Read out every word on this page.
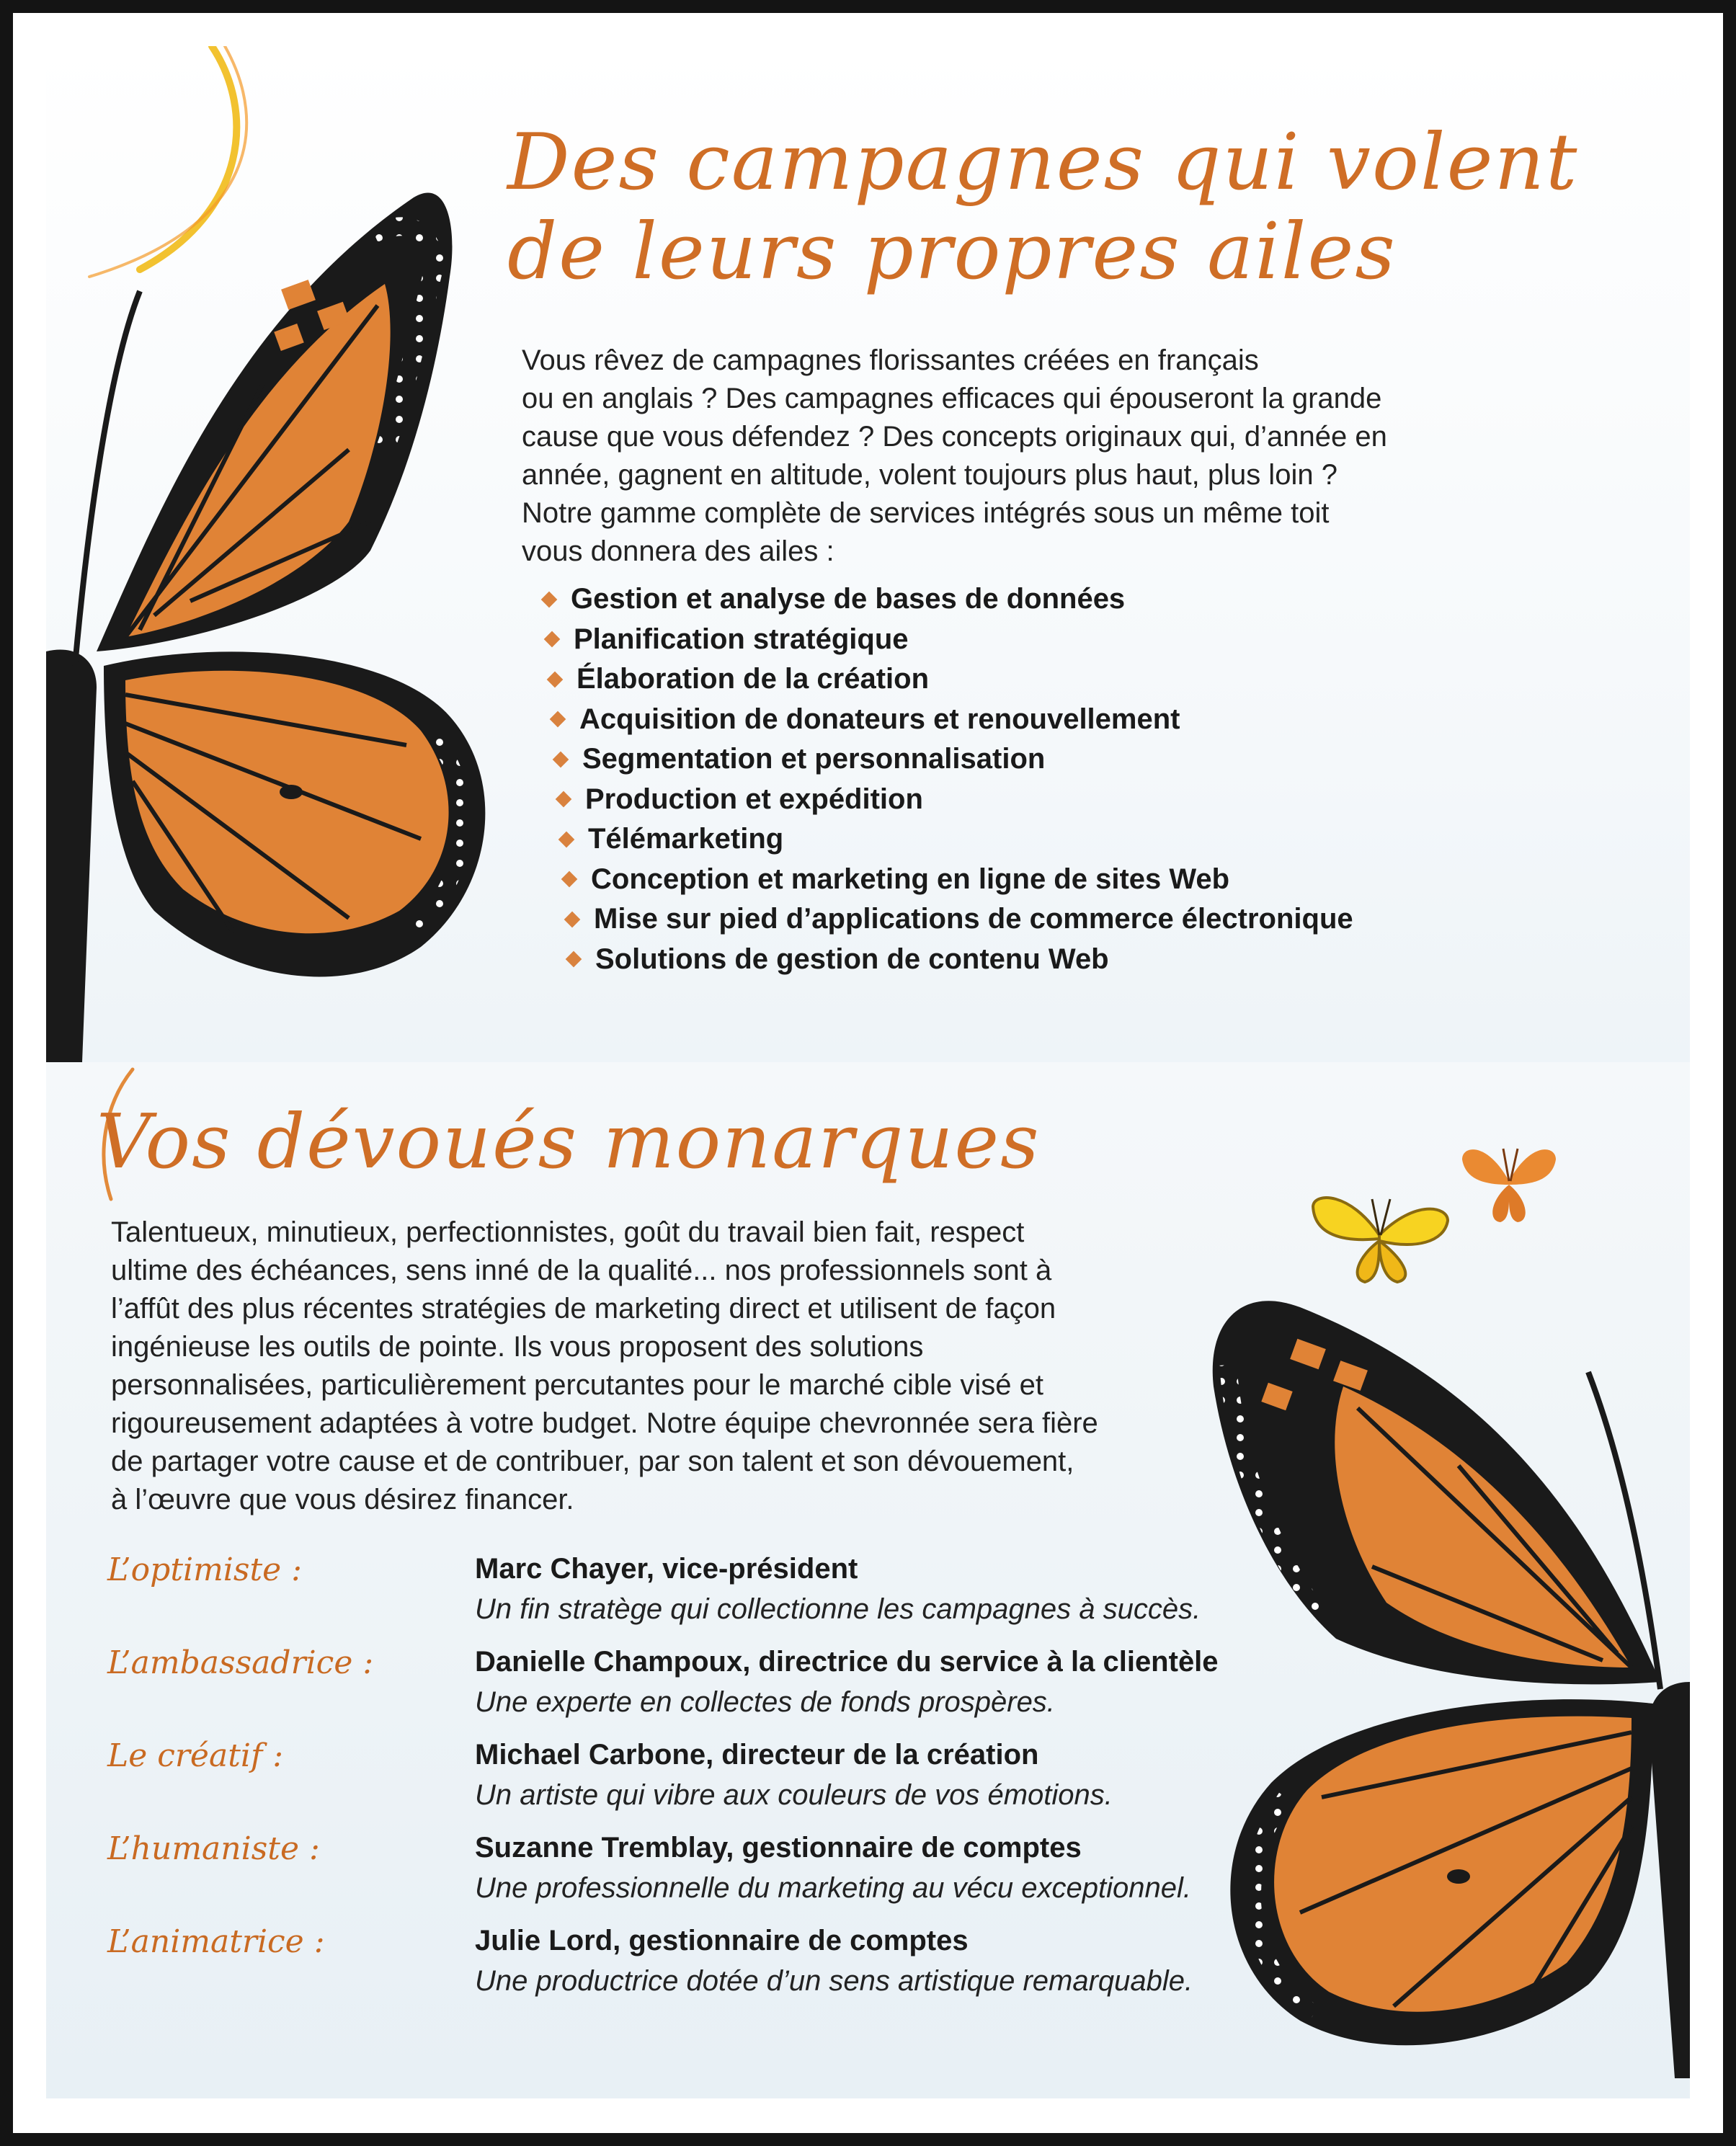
Des campagnes qui volent
de leurs propres ailes

Vous rêvez de campagnes florissantes créées en français

ou en anglais ? Des campagnes efficaces qui épouseront la grande

cause que vous défendez ? Des concepts originaux qui, d’année en

année, gagnent en altitude, volent toujours plus haut, plus loin ?

Notre gamme complète de services intégrés sous un même toit

vous donnera des ailes :

Gestion et analyse de bases de données
Planification stratégique
Élaboration de la création
Acquisition de donateurs et renouvellement
Segmentation et personnalisation
Production et expédition
Télémarketing
Conception et marketing en ligne de sites Web
Mise sur pied d’applications de commerce électronique
Solutions de gestion de contenu Web
Vos dévoués monarques

Talentueux, minutieux, perfectionnistes, goût du travail bien fait, respect

ultime des échéances, sens inné de la qualité... nos professionnels sont à

l’affût des plus récentes stratégies de marketing direct et utilisent de façon

ingénieuse les outils de pointe. Ils vous proposent des solutions

personnalisées, particulièrement percutantes pour le marché cible visé et

rigoureusement adaptées à votre budget. Notre équipe chevronnée sera fière

de partager votre cause et de contribuer, par son talent et son dévouement,

à l’œuvre que vous désirez financer.

L’optimiste :	Marc Chayer, vice-président
Un fin stratège qui collectionne les campagnes à succès.
L’ambassadrice :	Danielle Champoux, directrice du service à la clientèle
Une experte en collectes de fonds prospères.
Le créatif :	Michael Carbone, directeur de la création
Un artiste qui vibre aux couleurs de vos émotions.
L’humaniste :	Suzanne Tremblay, gestionnaire de comptes
Une professionnelle du marketing au vécu exceptionnel.
L’animatrice :	Julie Lord, gestionnaire de comptes
Une productrice dotée d’un sens artistique remarquable.
